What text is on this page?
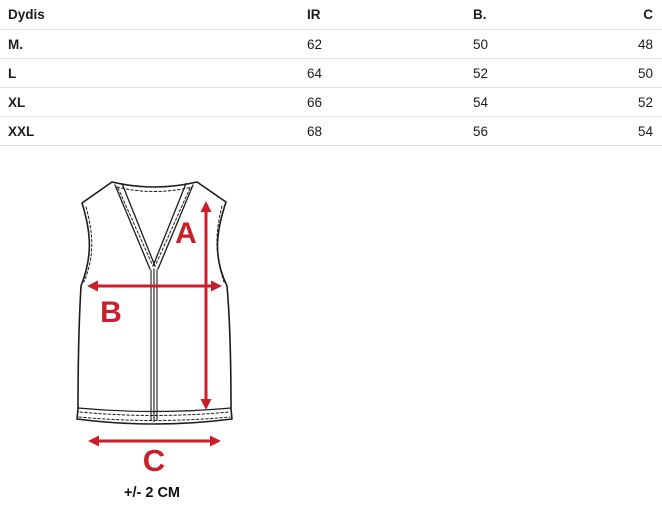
Dydis	IR	B.	C
M.	62	50	48
L	64	52	50
XL	66	54	52
XXL	68	56	54
A
B
C
+/- 2 CM
